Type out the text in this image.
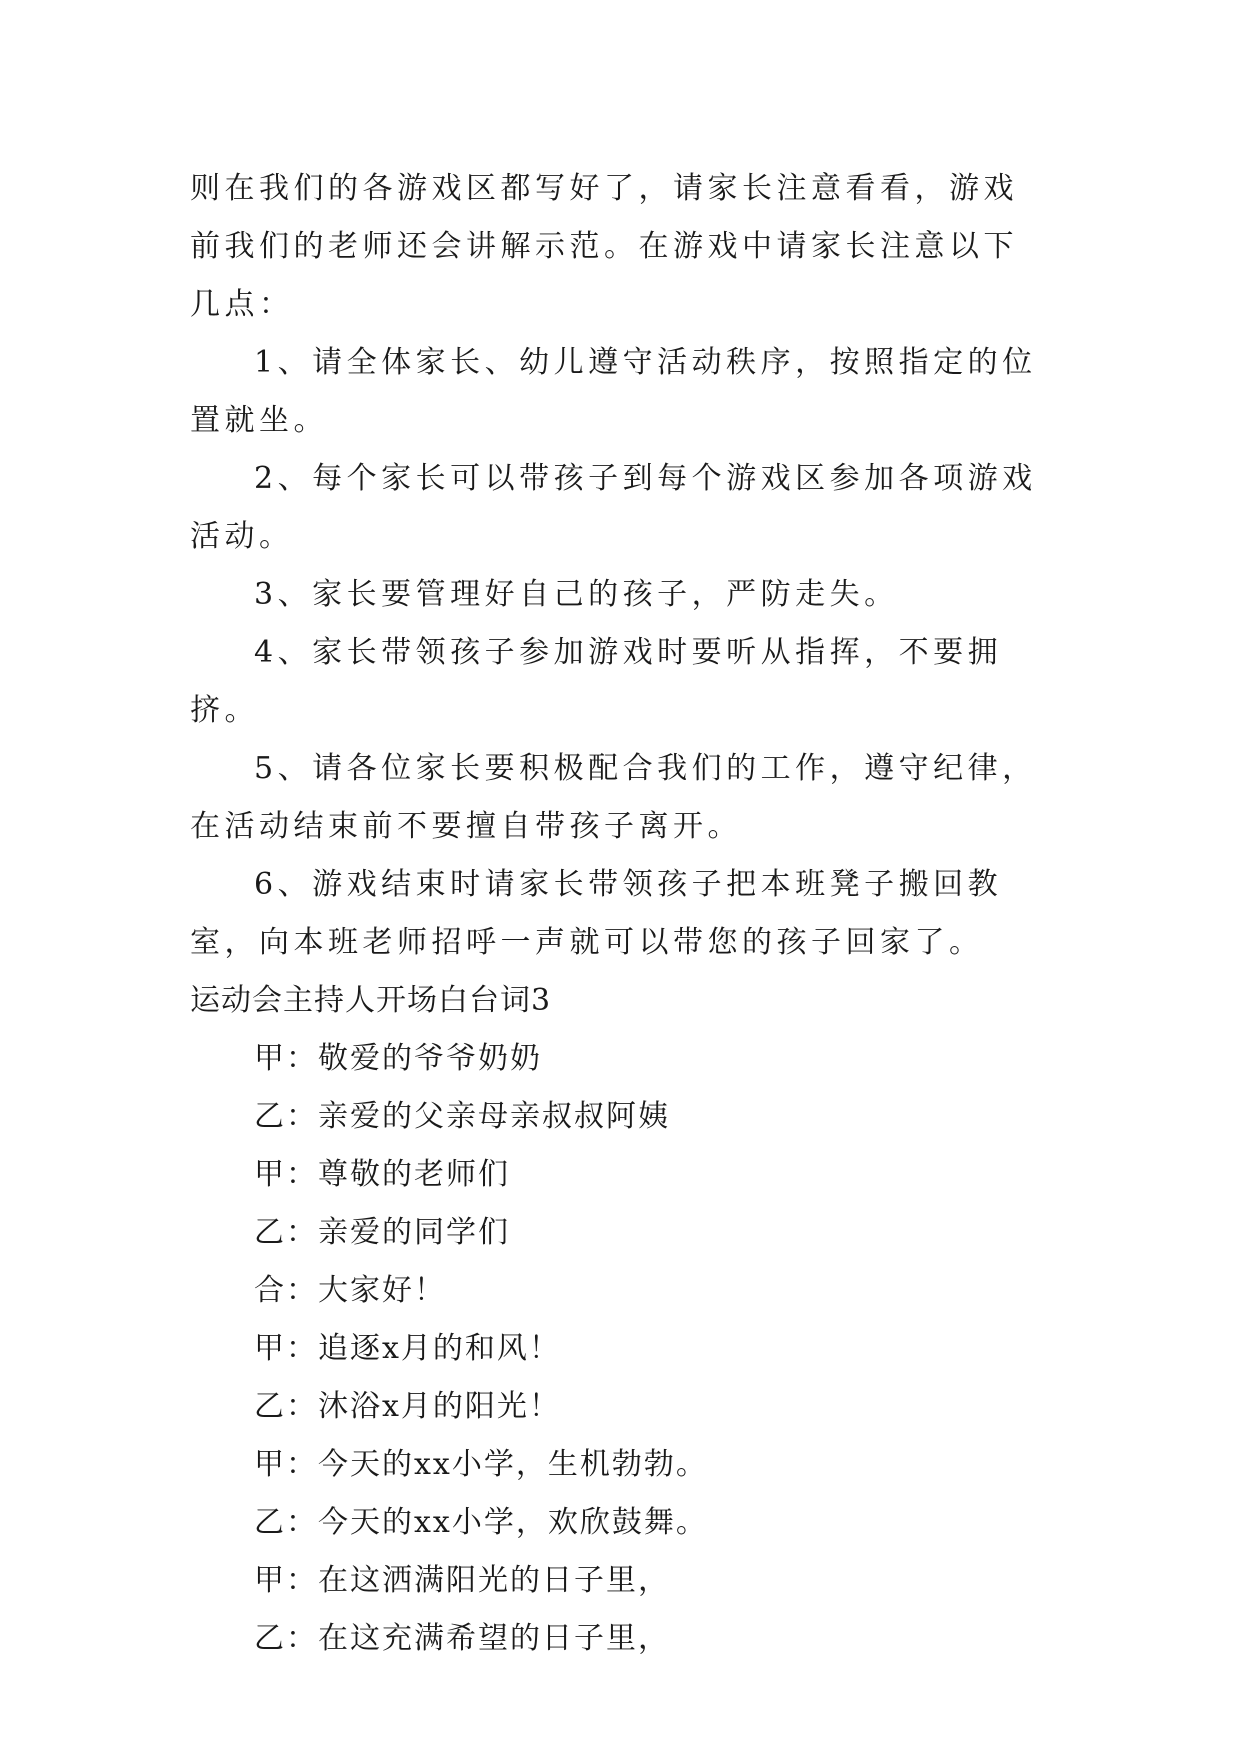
则在我们的各游戏区都写好了，请家长注意看看，游戏前我们的老师还会讲解示范。在游戏中请家长注意以下几点：

1、请全体家长、幼儿遵守活动秩序，按照指定的位置就坐。

2、每个家长可以带孩子到每个游戏区参加各项游戏活动。

3、家长要管理好自己的孩子，严防走失。

4、家长带领孩子参加游戏时要听从指挥，不要拥挤。

5、请各位家长要积极配合我们的工作，遵守纪律，在活动结束前不要擅自带孩子离开。

6、游戏结束时请家长带领孩子把本班凳子搬回教室，向本班老师招呼一声就可以带您的孩子回家了。

运动会主持人开场白台词3

甲：敬爱的爷爷奶奶

乙：亲爱的父亲母亲叔叔阿姨

甲：尊敬的老师们

乙：亲爱的同学们

合：大家好！

甲：追逐x月的和风！

乙：沐浴x月的阳光！

甲：今天的xx小学，生机勃勃。

乙：今天的xx小学，欢欣鼓舞。

甲：在这洒满阳光的日子里，

乙：在这充满希望的日子里，
